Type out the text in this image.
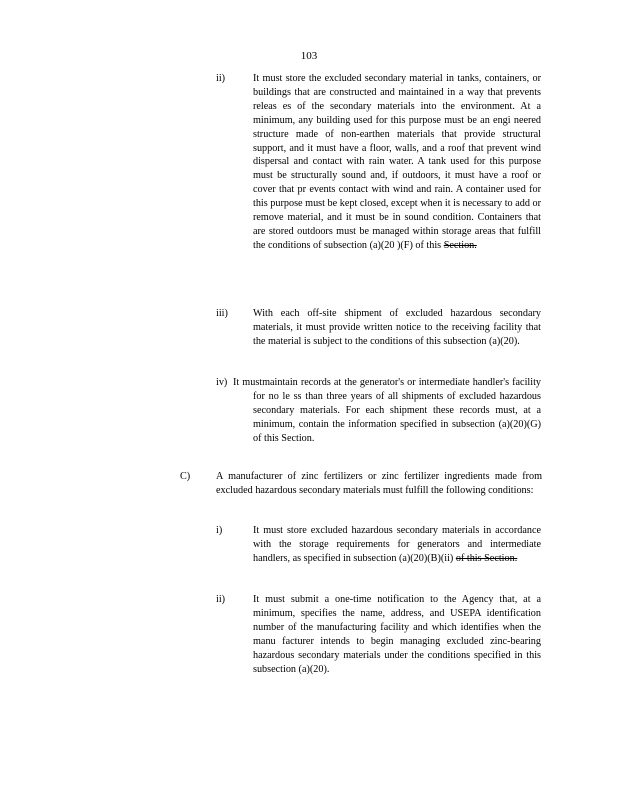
103
ii)	It must store the excluded secondary material in tanks, containers, or buildings that are constructed and maintained in a way that prevents releas es of the secondary materials into the environment. At a minimum, any building used for this purpose must be an engi neered structure made of non-earthen materials that provide structural support, and it must have a floor, walls, and a roof that prevent wind dispersal and contact with rain water. A tank used for this purpose must be structurally sound and, if outdoors, it must have a roof or cover that pr events contact with wind and rain. A container used for this purpose must be kept closed, except when it is necessary to add or remove material, and it must be in sound condition. Containers that are stored outdoors must be managed within storage areas that fulfill the conditions of subsection (a)(20 )(F) of this Section.
iii) With each off-site shipment of excluded hazardous secondary materials, it must provide written notice to the receiving facility that the material is subject to the conditions of this subsection (a)(20).
iv) It mustmaintain records at the generator's or intermediate handler's facility for no le ss than three years of all shipments of excluded hazardous secondary materials. For each shipment these records must, at a minimum, contain the information specified in subsection (a)(20)(G) of this Section.
C)	A manufacturer of zinc fertilizers or zinc fertilizer ingredients made from excluded hazardous secondary materials must fulfill the following conditions:
i)	It must store excluded hazardous secondary materials in accordance with the storage requirements for generators and intermediate handlers, as specified in subsection (a)(20)(B)(ii) of this Section.
ii)	It must submit a one-time notification to the Agency that, at a minimum, specifies the name, address, and USEPA identification number of the manufacturing facility and which identifies when the manu facturer intends to begin managing excluded zinc-bearing hazardous secondary materials under the conditions specified in this subsection (a)(20).
